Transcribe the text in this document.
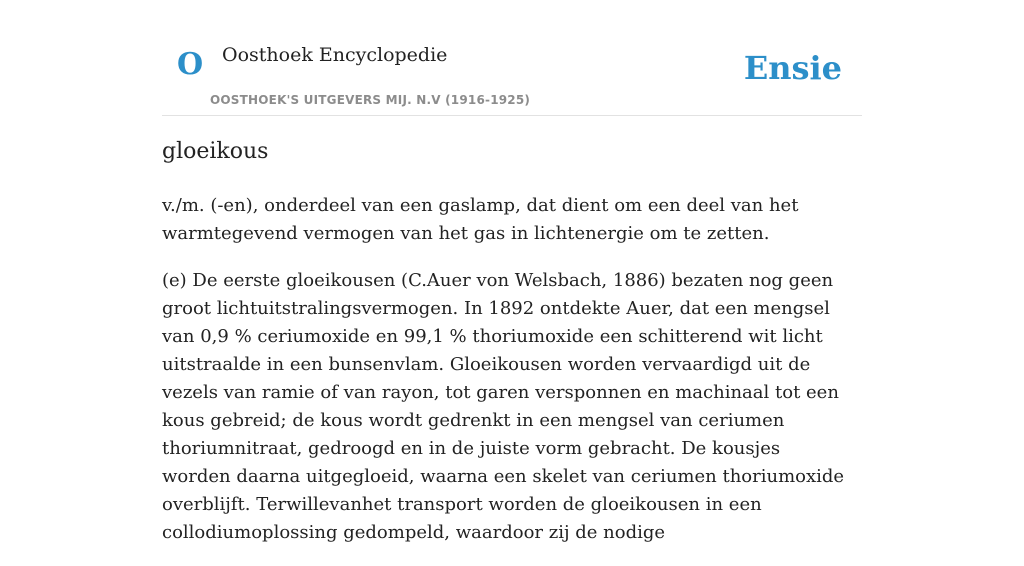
O Oosthoek Encyclopedie
OOSTHOEK'S UITGEVERS MIJ. N.V (1916-1925)
Ensie
gloeikous

v./m. (-en), onderdeel van een gaslamp, dat dient om een deel van het warmtegevend vermogen van het gas in lichtenergie om te zetten.

(e) De eerste gloeikousen (C.Auer von Welsbach, 1886) bezaten nog geen groot lichtuitstralingsvermogen. In 1892 ontdekte Auer, dat een mengsel van 0,9 % ceriumoxide en 99,1 % thoriumoxide een schitterend wit licht uitstraalde in een bunsenvlam. Gloeikousen worden vervaardigd uit de vezels van ramie of van rayon, tot garen versponnen en machinaal tot een kous gebreid; de kous wordt gedrenkt in een mengsel van ceriumen thoriumnitraat, gedroogd en in de juiste vorm gebracht. De kousjes worden daarna uitgegloeid, waarna een skelet van ceriumen thoriumoxide overblijft. Terwillevanhet transport worden de gloeikousen in een collodiumoplossing gedompeld, waardoor zij de nodige
